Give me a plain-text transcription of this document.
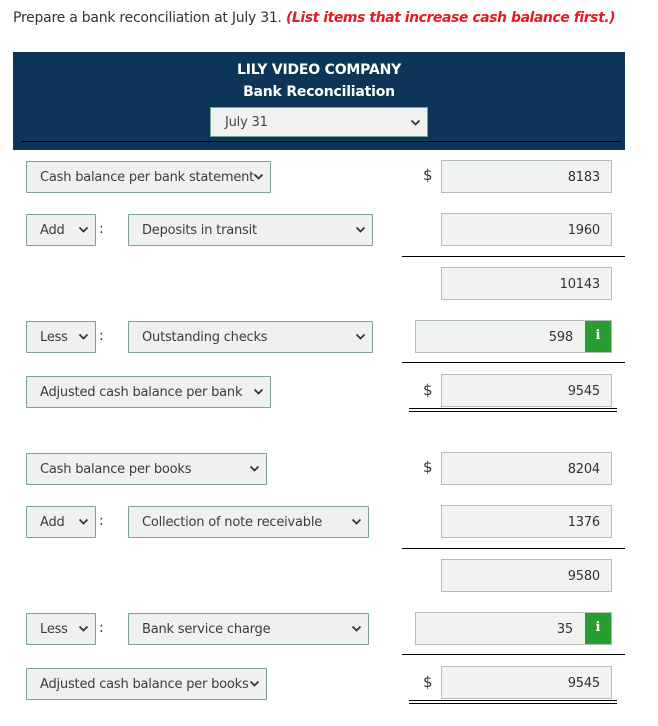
Prepare a bank reconciliation at July 31. (List items that increase cash balance first.)
LILY VIDEO COMPANY
Bank Reconciliation
July 31
Cash balance per bank statement	$	8183
Add	:	Deposits in transit	1960
10143
Less	:	Outstanding checks	598	i
Adjusted cash balance per bank	$	9545
Cash balance per books	$	8204
Add	:	Collection of note receivable	1376
9580
Less	:	Bank service charge	35	i
Adjusted cash balance per books	$	9545
